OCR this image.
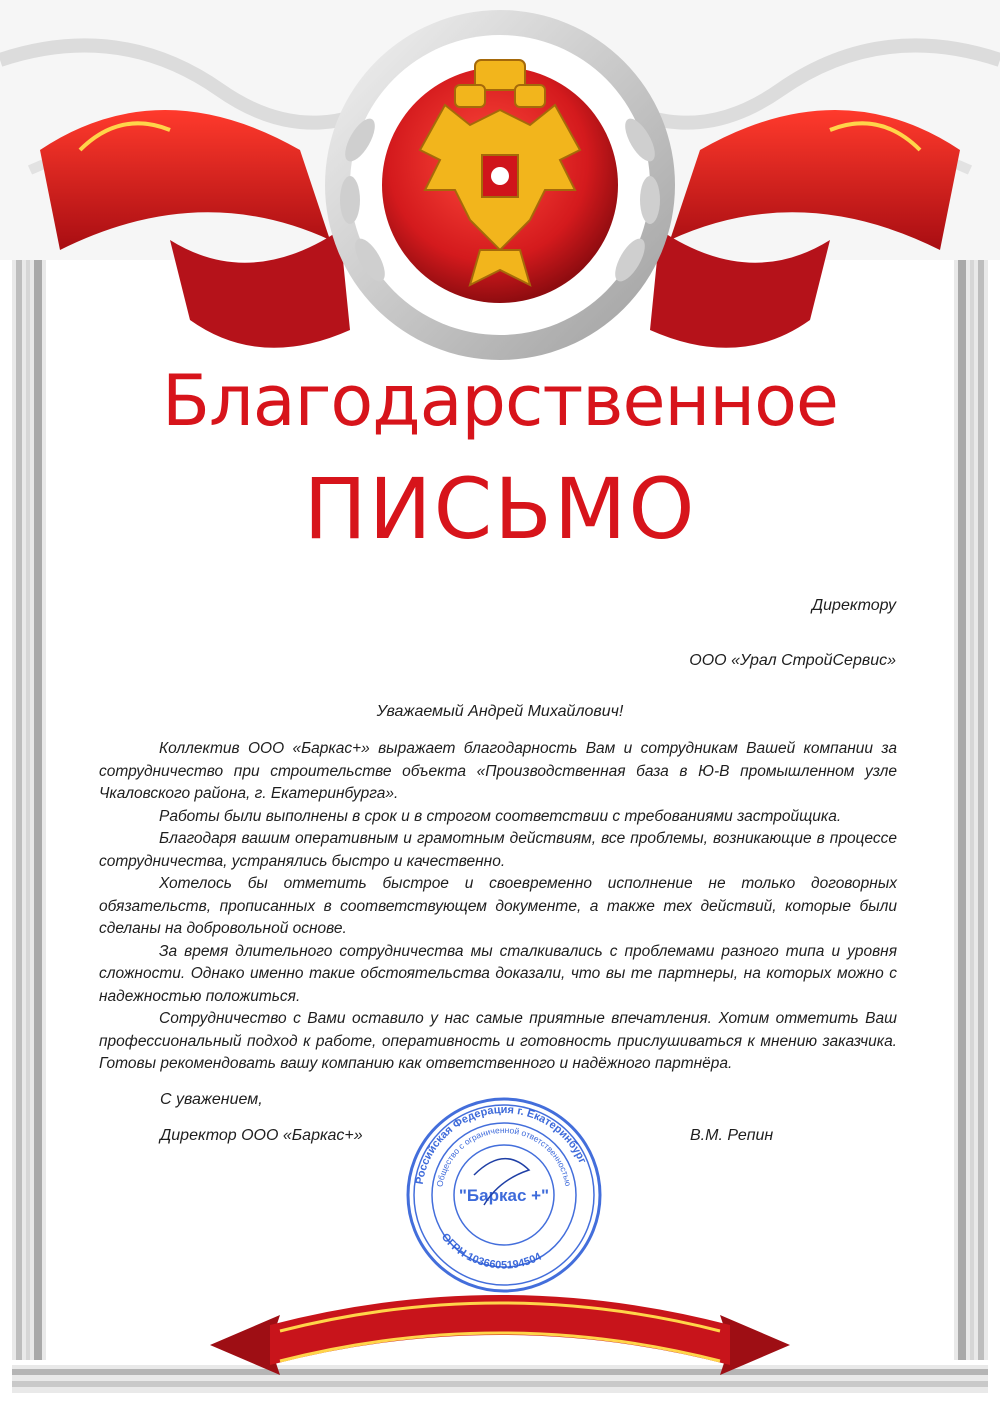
Благодарственное
ПИСЬМО
Директору
ООО «Урал СтройСервис»
Уважаемый Андрей Михайлович!

Коллектив ООО «Баркас+» выражает благодарность Вам и сотрудникам Вашей компании за сотрудничество при строительстве объекта «Производственная база в Ю-В промышленном узле Чкаловского района, г. Екатеринбурга».

Работы были выполнены в срок и в строгом соответствии с требованиями застройщика.

Благодаря вашим оперативным и грамотным действиям, все проблемы, возникающие в процессе сотрудничества, устранялись быстро и качественно.

Хотелось бы отметить быстрое и своевременно исполнение не только договорных обязательств, прописанных в соответствующем документе, а также тех действий, которые были сделаны на добровольной основе.

За время длительного сотрудничества мы сталкивались с проблемами разного типа и уровня сложности. Однако именно такие обстоятельства доказали, что вы те партнеры, на которых можно с надежностью положиться.

Сотрудничество с Вами оставило у нас самые приятные впечатления. Хотим отметить Ваш профессиональный подход к работе, оперативность и готовность прислушиваться к мнению заказчика. Готовы рекомендовать вашу компанию как ответственного и надёжного партнёра.

С уважением,
Директор ООО «Баркас+»	В.М. Репин
Российская Федерация г. Екатеринбург
Общество с ограниченной ответственностью
ОГРН 1036605194504
"Баркас +"
